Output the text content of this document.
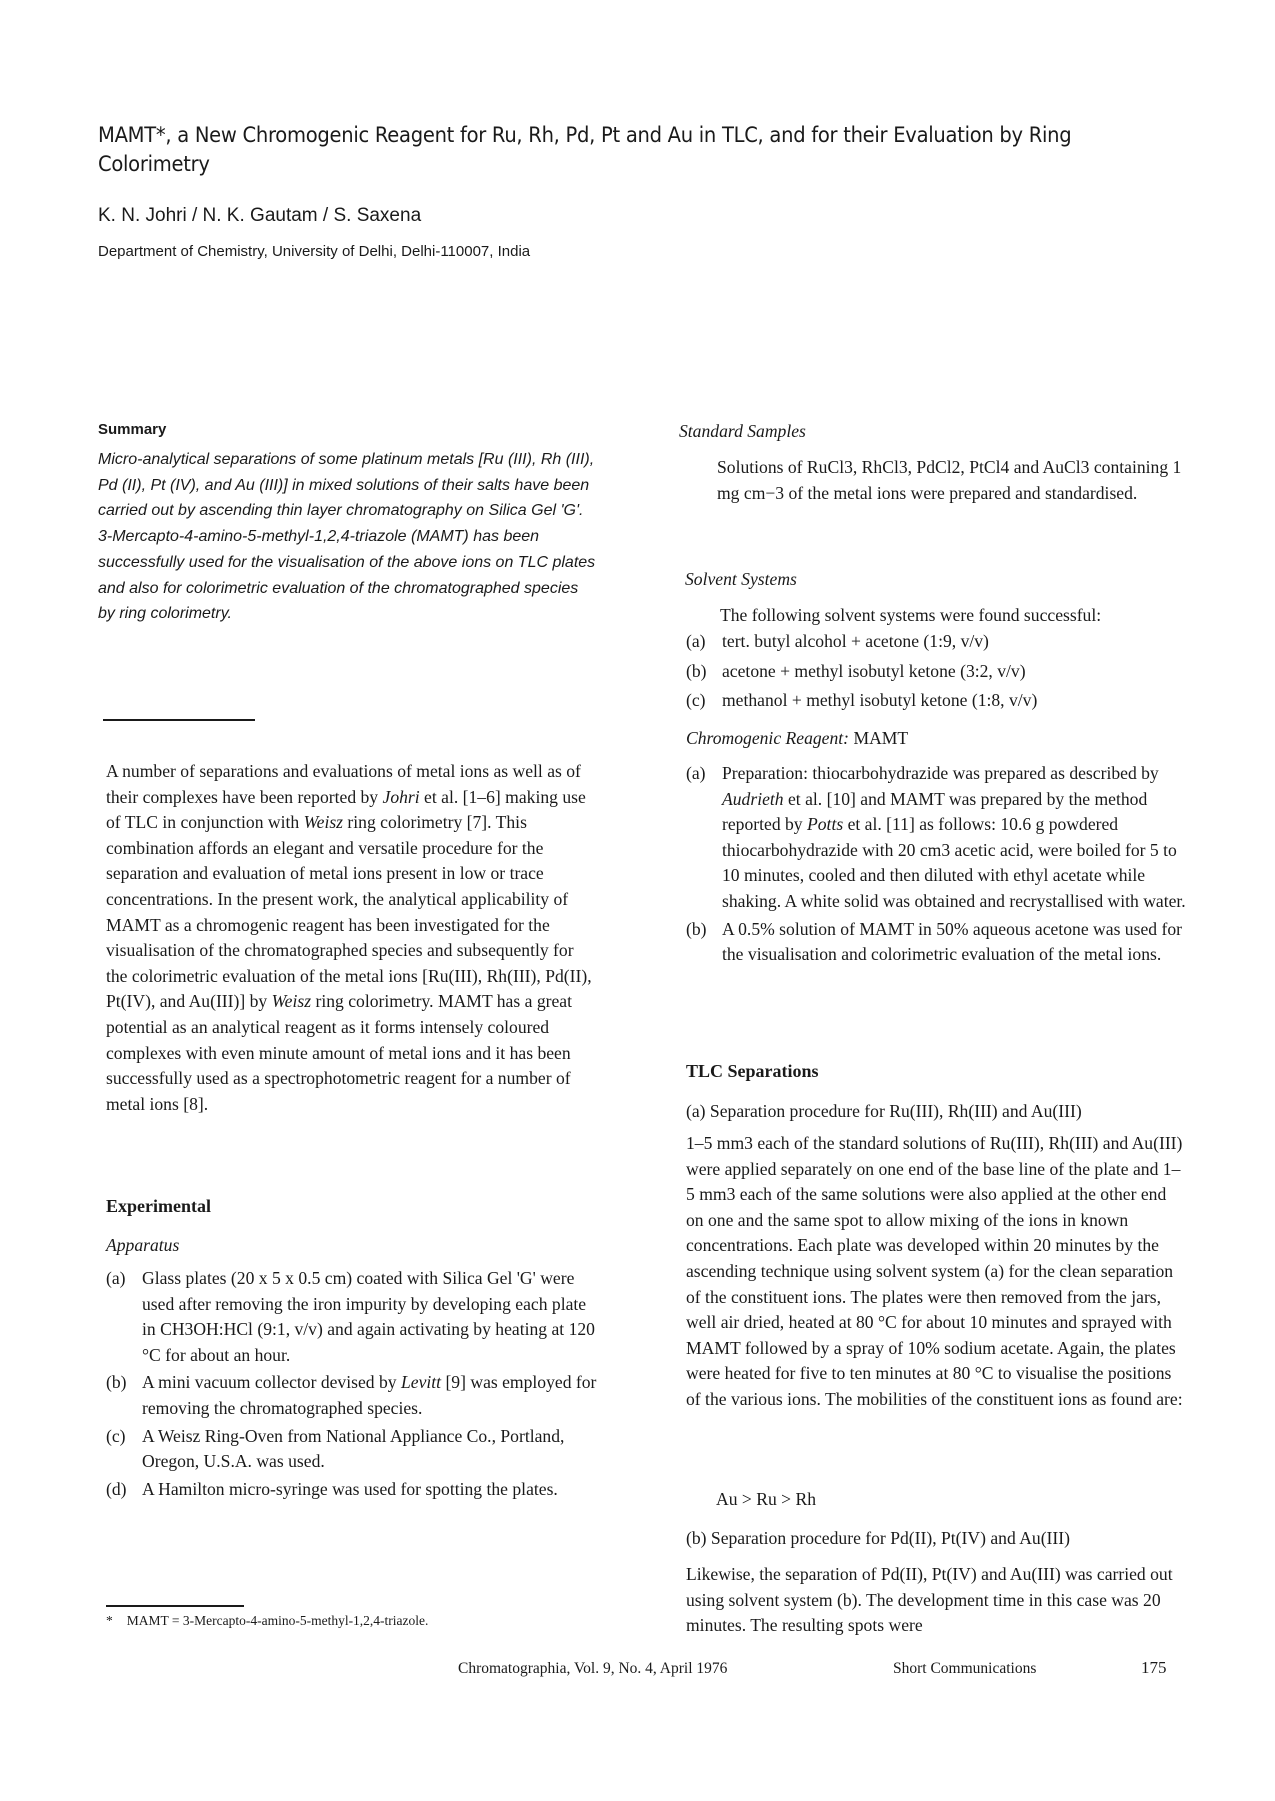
MAMT*, a New Chromogenic Reagent for Ru, Rh, Pd, Pt and Au in TLC, and for their Evaluation by Ring Colorimetry
K. N. Johri / N. K. Gautam / S. Saxena
Department of Chemistry, University of Delhi, Delhi-110007, India
Summary
Micro-analytical separations of some platinum metals [Ru (III), Rh (III), Pd (II), Pt (IV), and Au (III)] in mixed solutions of their salts have been carried out by ascending thin layer chromatography on Silica Gel 'G'. 3-Mercapto-4-amino-5-methyl-1,2,4-triazole (MAMT) has been successfully used for the visualisation of the above ions on TLC plates and also for colorimetric evaluation of the chromatographed species by ring colorimetry.
A number of separations and evaluations of metal ions as well as of their complexes have been reported by Johri et al. [1–6] making use of TLC in conjunction with Weisz ring colorimetry [7]. This combination affords an elegant and versatile procedure for the separation and evaluation of metal ions present in low or trace concentrations. In the present work, the analytical applicability of MAMT as a chromogenic reagent has been investigated for the visualisation of the chromatographed species and subsequently for the colorimetric evaluation of the metal ions [Ru(III), Rh(III), Pd(II), Pt(IV), and Au(III)] by Weisz ring colorimetry. MAMT has a great potential as an analytical reagent as it forms intensely coloured complexes with even minute amount of metal ions and it has been successfully used as a spectrophotometric reagent for a number of metal ions [8].
Experimental
Apparatus
(a) Glass plates (20 x 5 x 0.5 cm) coated with Silica Gel 'G' were used after removing the iron impurity by developing each plate in CH3OH:HCl (9:1, v/v) and again activating by heating at 120 °C for about an hour.
(b) A mini vacuum collector devised by Levitt [9] was employed for removing the chromatographed species.
(c) A Weisz Ring-Oven from National Appliance Co., Portland, Oregon, U.S.A. was used.
(d) A Hamilton micro-syringe was used for spotting the plates.
* MAMT = 3-Mercapto-4-amino-5-methyl-1,2,4-triazole.
Standard Samples
Solutions of RuCl3, RhCl3, PdCl2, PtCl4 and AuCl3 containing 1 mg cm−3 of the metal ions were prepared and standardised.
Solvent Systems
The following solvent systems were found successful:
(a) tert. butyl alcohol + acetone (1:9, v/v)
(b) acetone + methyl isobutyl ketone (3:2, v/v)
(c) methanol + methyl isobutyl ketone (1:8, v/v)
Chromogenic Reagent: MAMT
(a) Preparation: thiocarbohydrazide was prepared as described by Audrieth et al. [10] and MAMT was prepared by the method reported by Potts et al. [11] as follows: 10.6 g powdered thiocarbohydrazide with 20 cm3 acetic acid, were boiled for 5 to 10 minutes, cooled and then diluted with ethyl acetate while shaking. A white solid was obtained and recrystallised with water.
(b) A 0.5% solution of MAMT in 50% aqueous acetone was used for the visualisation and colorimetric evaluation of the metal ions.
TLC Separations
(a) Separation procedure for Ru(III), Rh(III) and Au(III)
1–5 mm3 each of the standard solutions of Ru(III), Rh(III) and Au(III) were applied separately on one end of the base line of the plate and 1–5 mm3 each of the same solutions were also applied at the other end on one and the same spot to allow mixing of the ions in known concentrations. Each plate was developed within 20 minutes by the ascending technique using solvent system (a) for the clean separation of the constituent ions. The plates were then removed from the jars, well air dried, heated at 80 °C for about 10 minutes and sprayed with MAMT followed by a spray of 10% sodium acetate. Again, the plates were heated for five to ten minutes at 80 °C to visualise the positions of the various ions. The mobilities of the constituent ions as found are:
Au > Ru > Rh
(b) Separation procedure for Pd(II), Pt(IV) and Au(III)
Likewise, the separation of Pd(II), Pt(IV) and Au(III) was carried out using solvent system (b). The development time in this case was 20 minutes. The resulting spots were
Chromatographia, Vol. 9, No. 4, April 1976	Short Communications	175
